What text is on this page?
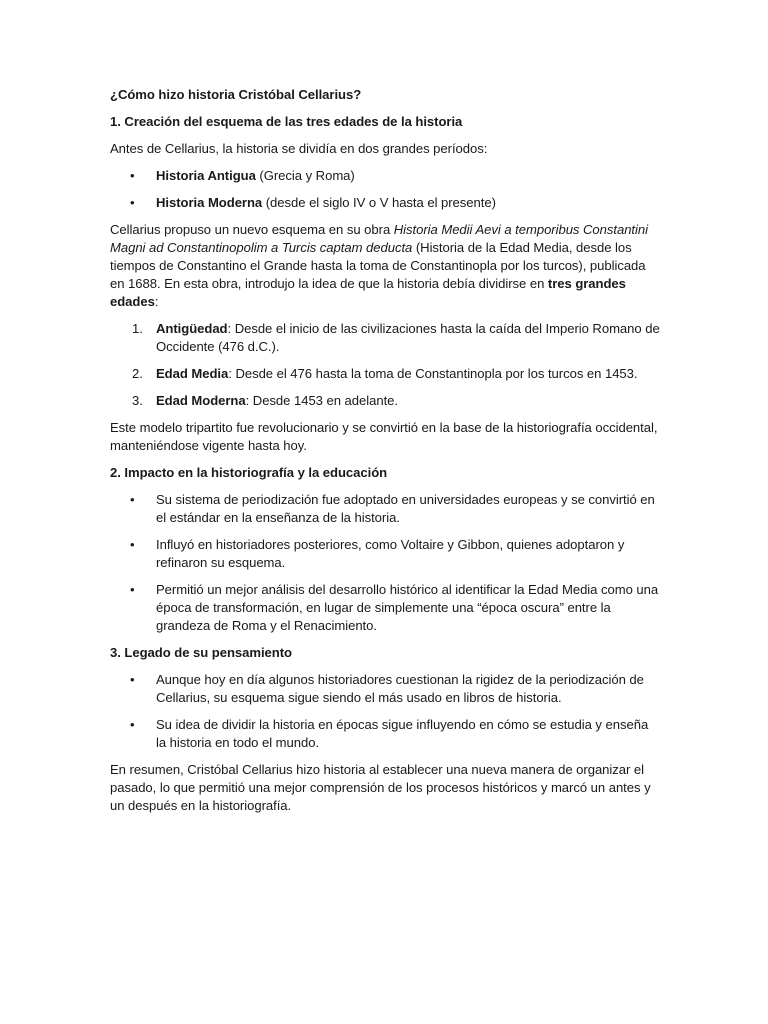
¿Cómo hizo historia Cristóbal Cellarius?

1. Creación del esquema de las tres edades de la historia

Antes de Cellarius, la historia se dividía en dos grandes períodos:

• Historia Antigua (Grecia y Roma)
• Historia Moderna (desde el siglo IV o V hasta el presente)

Cellarius propuso un nuevo esquema en su obra Historia Medii Aevi a temporibus Constantini Magni ad Constantinopolim a Turcis captam deducta (Historia de la Edad Media, desde los tiempos de Constantino el Grande hasta la toma de Constantinopla por los turcos), publicada en 1688. En esta obra, introdujo la idea de que la historia debía dividirse en tres grandes edades:

1. Antigüedad: Desde el inicio de las civilizaciones hasta la caída del Imperio Romano de Occidente (476 d.C.).
2. Edad Media: Desde el 476 hasta la toma de Constantinopla por los turcos en 1453.
3. Edad Moderna: Desde 1453 en adelante.

Este modelo tripartito fue revolucionario y se convirtió en la base de la historiografía occidental, manteniéndose vigente hasta hoy.

2. Impacto en la historiografía y la educación

• Su sistema de periodización fue adoptado en universidades europeas y se convirtió en el estándar en la enseñanza de la historia.
• Influyó en historiadores posteriores, como Voltaire y Gibbon, quienes adoptaron y refinaron su esquema.
• Permitió un mejor análisis del desarrollo histórico al identificar la Edad Media como una época de transformación, en lugar de simplemente una “época oscura” entre la grandeza de Roma y el Renacimiento.

3. Legado de su pensamiento

• Aunque hoy en día algunos historiadores cuestionan la rigidez de la periodización de Cellarius, su esquema sigue siendo el más usado en libros de historia.
• Su idea de dividir la historia en épocas sigue influyendo en cómo se estudia y enseña la historia en todo el mundo.

En resumen, Cristóbal Cellarius hizo historia al establecer una nueva manera de organizar el pasado, lo que permitió una mejor comprensión de los procesos históricos y marcó un antes y un después en la historiografía.
